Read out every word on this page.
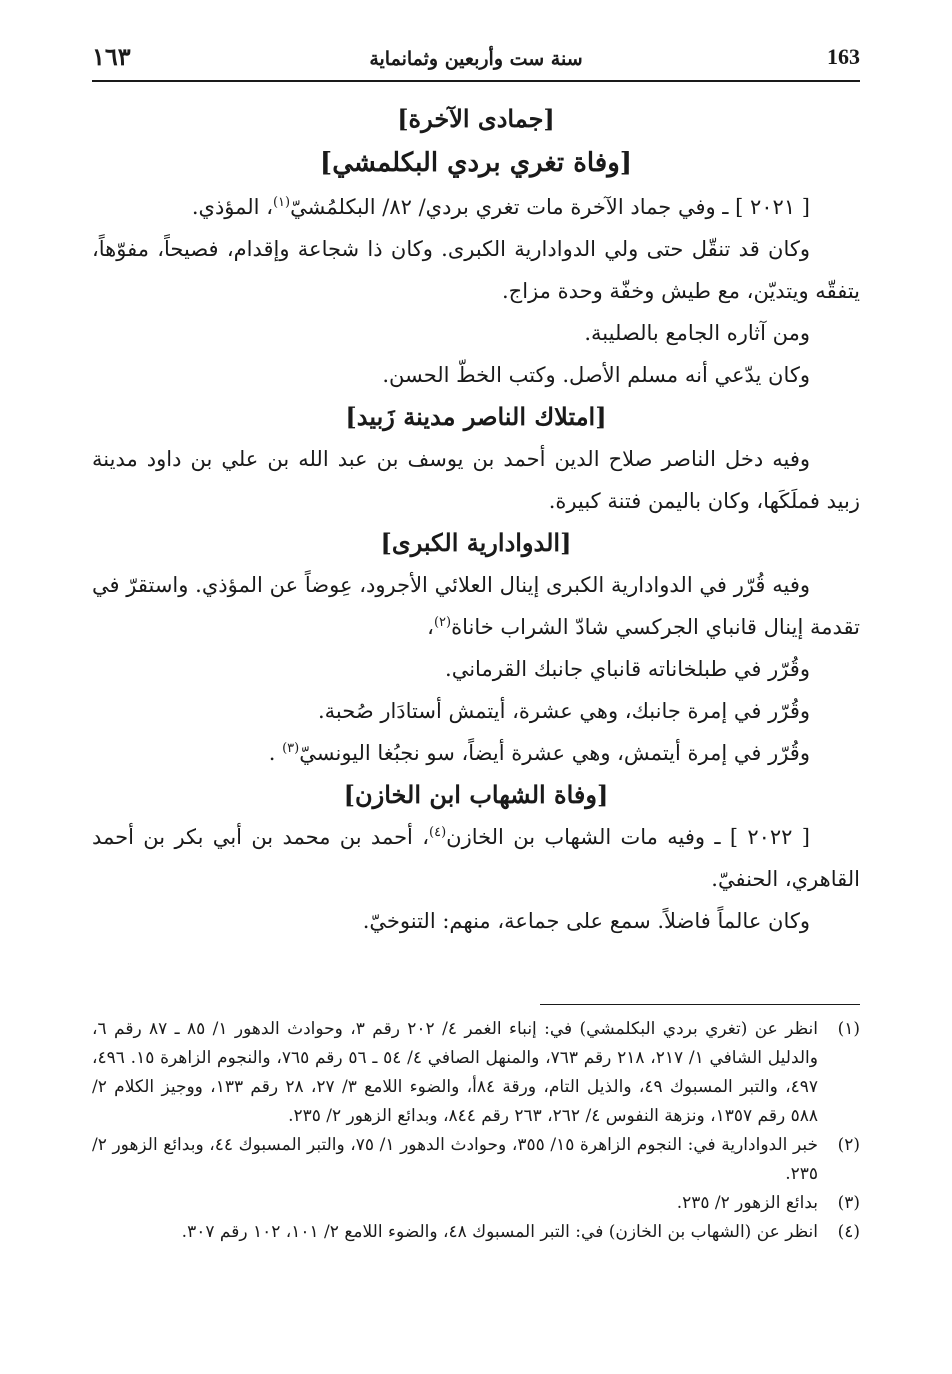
163
سنة ست وأربعين وثمانماية
١٦٣
[جمادى الآخرة]
[وفاة تغري بردي البكلمشي]

[ ٢٠٢١ ] ـ وفي جماد الآخرة مات تغري بردي/ ٨٢/ البكلمُشيّ$^{(١)}$، المؤذي.

وكان قد تنقّل حتى ولي الدوادارية الكبرى. وكان ذا شجاعة وإقدام، فصيحاً، مفوّهاً، يتفقّه ويتديّن، مع طيش وخفّة وحدة مزاج.

ومن آثاره الجامع بالصليبة.

وكان يدّعي أنه مسلم الأصل. وكتب الخطّ الحسن.

[امتلاك الناصر مدينة زَبيد]

وفيه دخل الناصر صلاح الدين أحمد بن يوسف بن عبد الله بن علي بن داود مدينة زبيد فملَكَها، وكان باليمن فتنة كبيرة.

[الدوادارية الكبرى]

وفيه قُرّر في الدوادارية الكبرى إينال العلائي الأجرود، عِوضاً عن المؤذي. واستقرّ في تقدمة إينال قانباي الجركسي شادّ الشراب خاناة$^{(٢)}$،

وقُرّر في طبلخاناته قانباي جانبك القرماني.

وقُرّر في إمرة جانبك، وهي عشرة، أيتمش أستادَار صُحبة.

وقُرّر في إمرة أيتمش، وهي عشرة أيضاً، سو نجبُغا اليونسيّ$^{(٣)}$ .

[وفاة الشهاب ابن الخازن]

[ ٢٠٢٢ ] ـ وفيه مات الشهاب بن الخازن$^{(٤)}$، أحمد بن محمد بن أبي بكر بن أحمد القاهري، الحنفيّ.

وكان عالماً فاضلاً. سمع على جماعة، منهم: التنوخيّ.

(١)
انظر عن (تغري بردي البكلمشي) في: إنباء الغمر ٤/ ٢٠٢ رقم ٣، وحوادث الدهور ١/ ٨٥ ـ ٨٧ رقم ٦، والدليل الشافي ١/ ٢١٧، ٢١٨ رقم ٧٦٣، والمنهل الصافي ٤/ ٥٤ ـ ٥٦ رقم ٧٦٥، والنجوم الزاهرة ١٥. ٤٩٦، ٤٩٧، والتبر المسبوك ٤٩، والذيل التام، ورقة ٨٤أ، والضوء اللامع ٣/ ٢٧، ٢٨ رقم ١٣٣، ووجيز الكلام ٢/ ٥٨٨ رقم ١٣٥٧، ونزهة النفوس ٤/ ٢٦٢، ٢٦٣ رقم ٨٤٤، وبدائع الزهور ٢/ ٢٣٥.
(٢)
خبر الدوادارية في: النجوم الزاهرة ١٥/ ٣٥٥، وحوادث الدهور ١/ ٧٥، والتبر المسبوك ٤٤، وبدائع الزهور ٢/ ٢٣٥.
(٣)
بدائع الزهور ٢/ ٢٣٥.
(٤)
انظر عن (الشهاب بن الخازن) في: التبر المسبوك ٤٨، والضوء اللامع ٢/ ١٠١، ١٠٢ رقم ٣٠٧.
